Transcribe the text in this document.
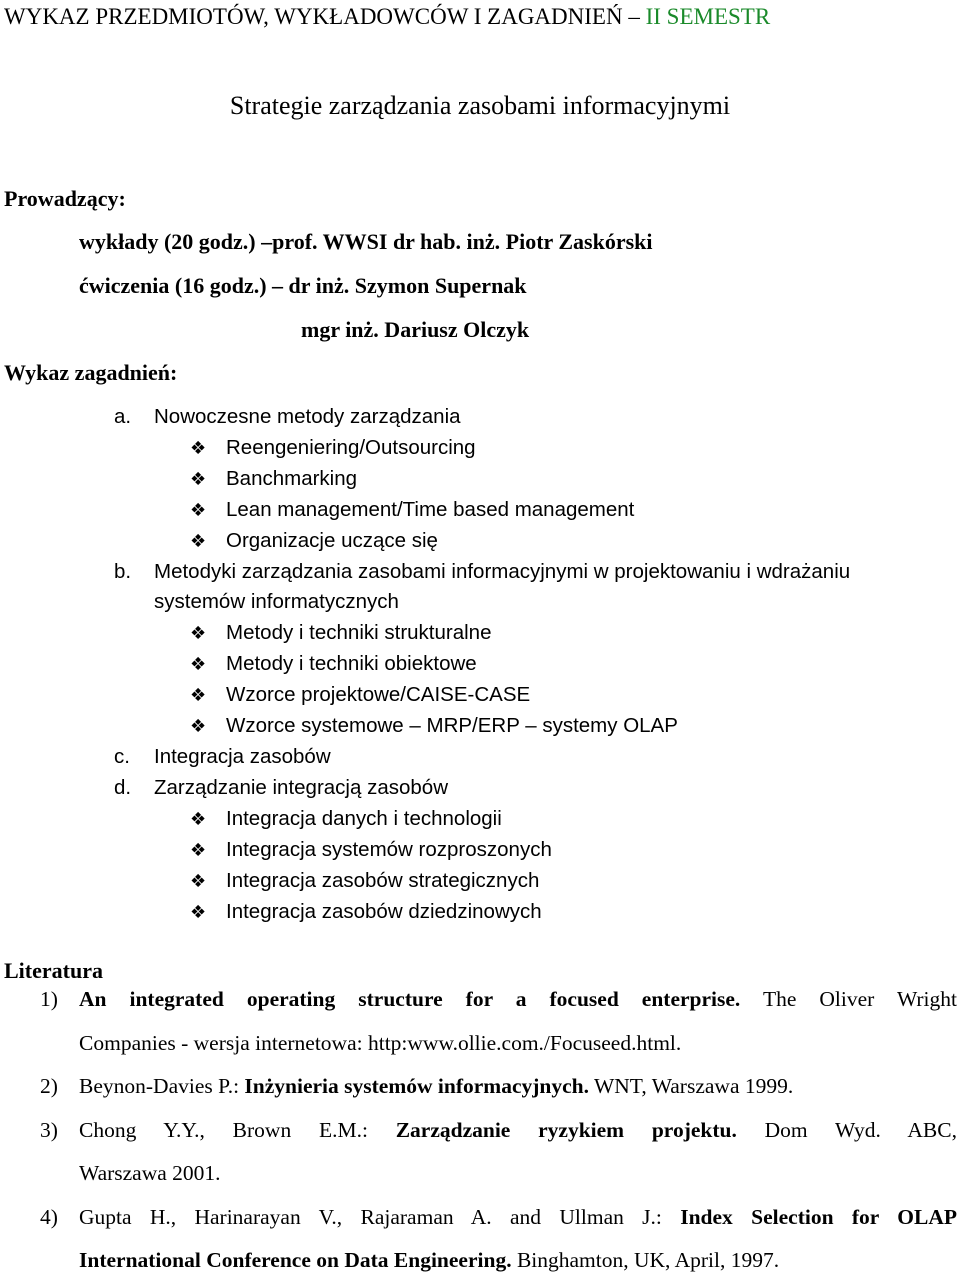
WYKAZ PRZEDMIOTÓW, WYKŁADOWCÓW I ZAGADNIEŃ – II SEMESTR
Strategie zarządzania zasobami informacyjnymi
Prowadzący:
wykłady (20 godz.) –prof. WWSI dr hab. inż. Piotr Zaskórski
ćwiczenia (16 godz.) – dr inż. Szymon Supernak
mgr inż. Dariusz Olczyk
Wykaz zagadnień:
a. Nowoczesne metody zarządzania
❖ Reengeniering/Outsourcing
❖ Banchmarking
❖ Lean management/Time based management
❖ Organizacje uczące się
b. Metodyki zarządzania zasobami informacyjnymi w projektowaniu i wdrażaniu
systemów informatycznych
❖ Metody i techniki strukturalne
❖ Metody i techniki obiektowe
❖ Wzorce projektowe/CAISE-CASE
❖ Wzorce systemowe – MRP/ERP – systemy OLAP
c. Integracja zasobów
d. Zarządzanie integracją zasobów
❖ Integracja danych i technologii
❖ Integracja systemów rozproszonych
❖ Integracja zasobów strategicznych
❖ Integracja zasobów dziedzinowych
Literatura
1) An integrated operating structure for a focused enterprise. The Oliver Wright
Companies - wersja internetowa: http:www.ollie.com./Focuseed.html.
2) Beynon-Davies P.: Inżynieria systemów informacyjnych. WNT, Warszawa 1999.
3) Chong Y.Y., Brown E.M.: Zarządzanie ryzykiem projektu. Dom Wyd. ABC,
Warszawa 2001.
4) Gupta H., Harinarayan V., Rajaraman A. and Ullman J.: Index Selection for OLAP
International Conference on Data Engineering. Binghamton, UK, April, 1997.
